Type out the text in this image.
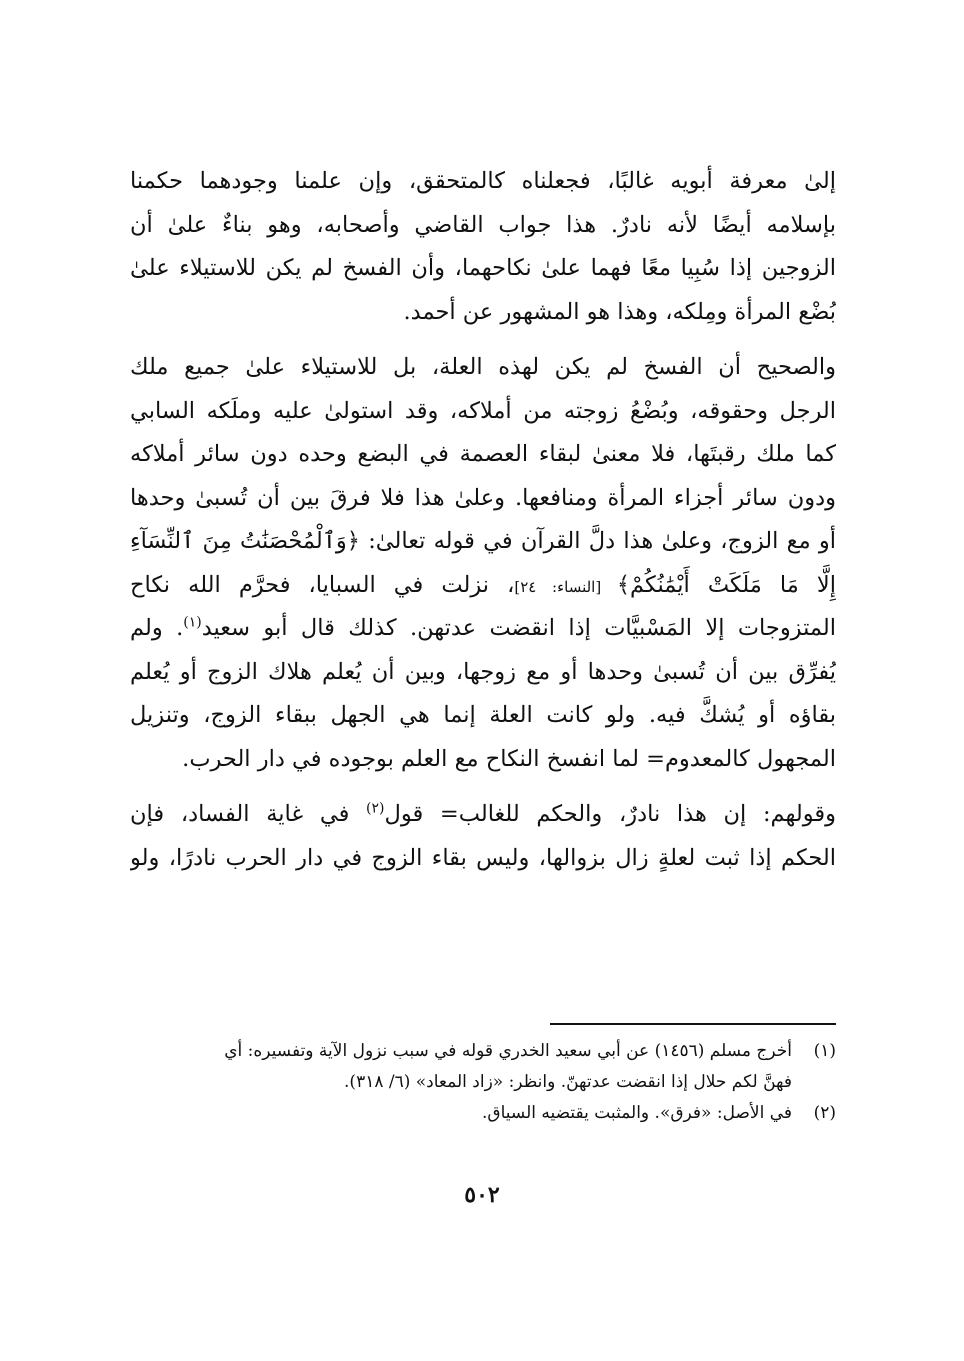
إلىٰ معرفة أبويه غالبًا، فجعلناه كالمتحقق، وإن علمنا وجودهما حكمنا
بإسلامه أيضًا لأنه نادرٌ. هذا جواب القاضي وأصحابه، وهو بناءٌ علىٰ أن
الزوجين إذا سُبِيا معًا فهما علىٰ نكاحهما، وأن الفسخ لم يكن للاستيلاء علىٰ
بُضْع المرأة ومِلكه، وهذا هو المشهور عن أحمد.
والصحيح أن الفسخ لم يكن لهذه العلة، بل للاستيلاء علىٰ جميع ملك
الرجل وحقوقه، وبُضْعُ زوجته من أملاكه، وقد استولىٰ عليه وملَكه السابي
كما ملك رقبتَها، فلا معنىٰ لبقاء العصمة في البضع وحده دون سائر أملاكه
ودون سائر أجزاء المرأة ومنافعها. وعلىٰ هذا فلا فرقَ بين أن تُسبىٰ وحدها
أو مع الزوج، وعلىٰ هذا دلَّ القرآن في قوله تعالىٰ: ﴿وَٱلْمُحْصَنَٰتُ مِنَ ٱلنِّسَآءِ
إِلَّا مَا مَلَكَتْ أَيْمَٰنُكُمْ﴾ [النساء: ٢٤]، نزلت في السبايا، فحرَّم الله نكاح
المتزوجات إلا المَسْبيَّات إذا انقضت عدتهن. كذلك قال أبو سعيد$^{(١)}$. ولم
يُفرِّق بين أن تُسبىٰ وحدها أو مع زوجها، وبين أن يُعلم هلاك الزوج أو يُعلم
بقاؤه أو يُشكَّ فيه. ولو كانت العلة إنما هي الجهل ببقاء الزوج، وتنزيل
المجهول كالمعدوم= لما انفسخ النكاح مع العلم بوجوده في دار الحرب.
وقولهم: إن هذا نادرٌ، والحكم للغالب= قول$^{(٢)}$ في غاية الفساد، فإن
الحكم إذا ثبت لعلةٍ زال بزوالها، وليس بقاء الزوج في دار الحرب نادرًا، ولو
(١)أخرج مسلم (١٤٥٦) عن أبي سعيد الخدري قوله في سبب نزول الآية وتفسيره: أي
فهنَّ لكم حلال إذا انقضت عدتهنّ. وانظر: «زاد المعاد» (٦/ ٣١٨).
(٢)في الأصل: «فرق». والمثبت يقتضيه السياق.
٥٠٢
